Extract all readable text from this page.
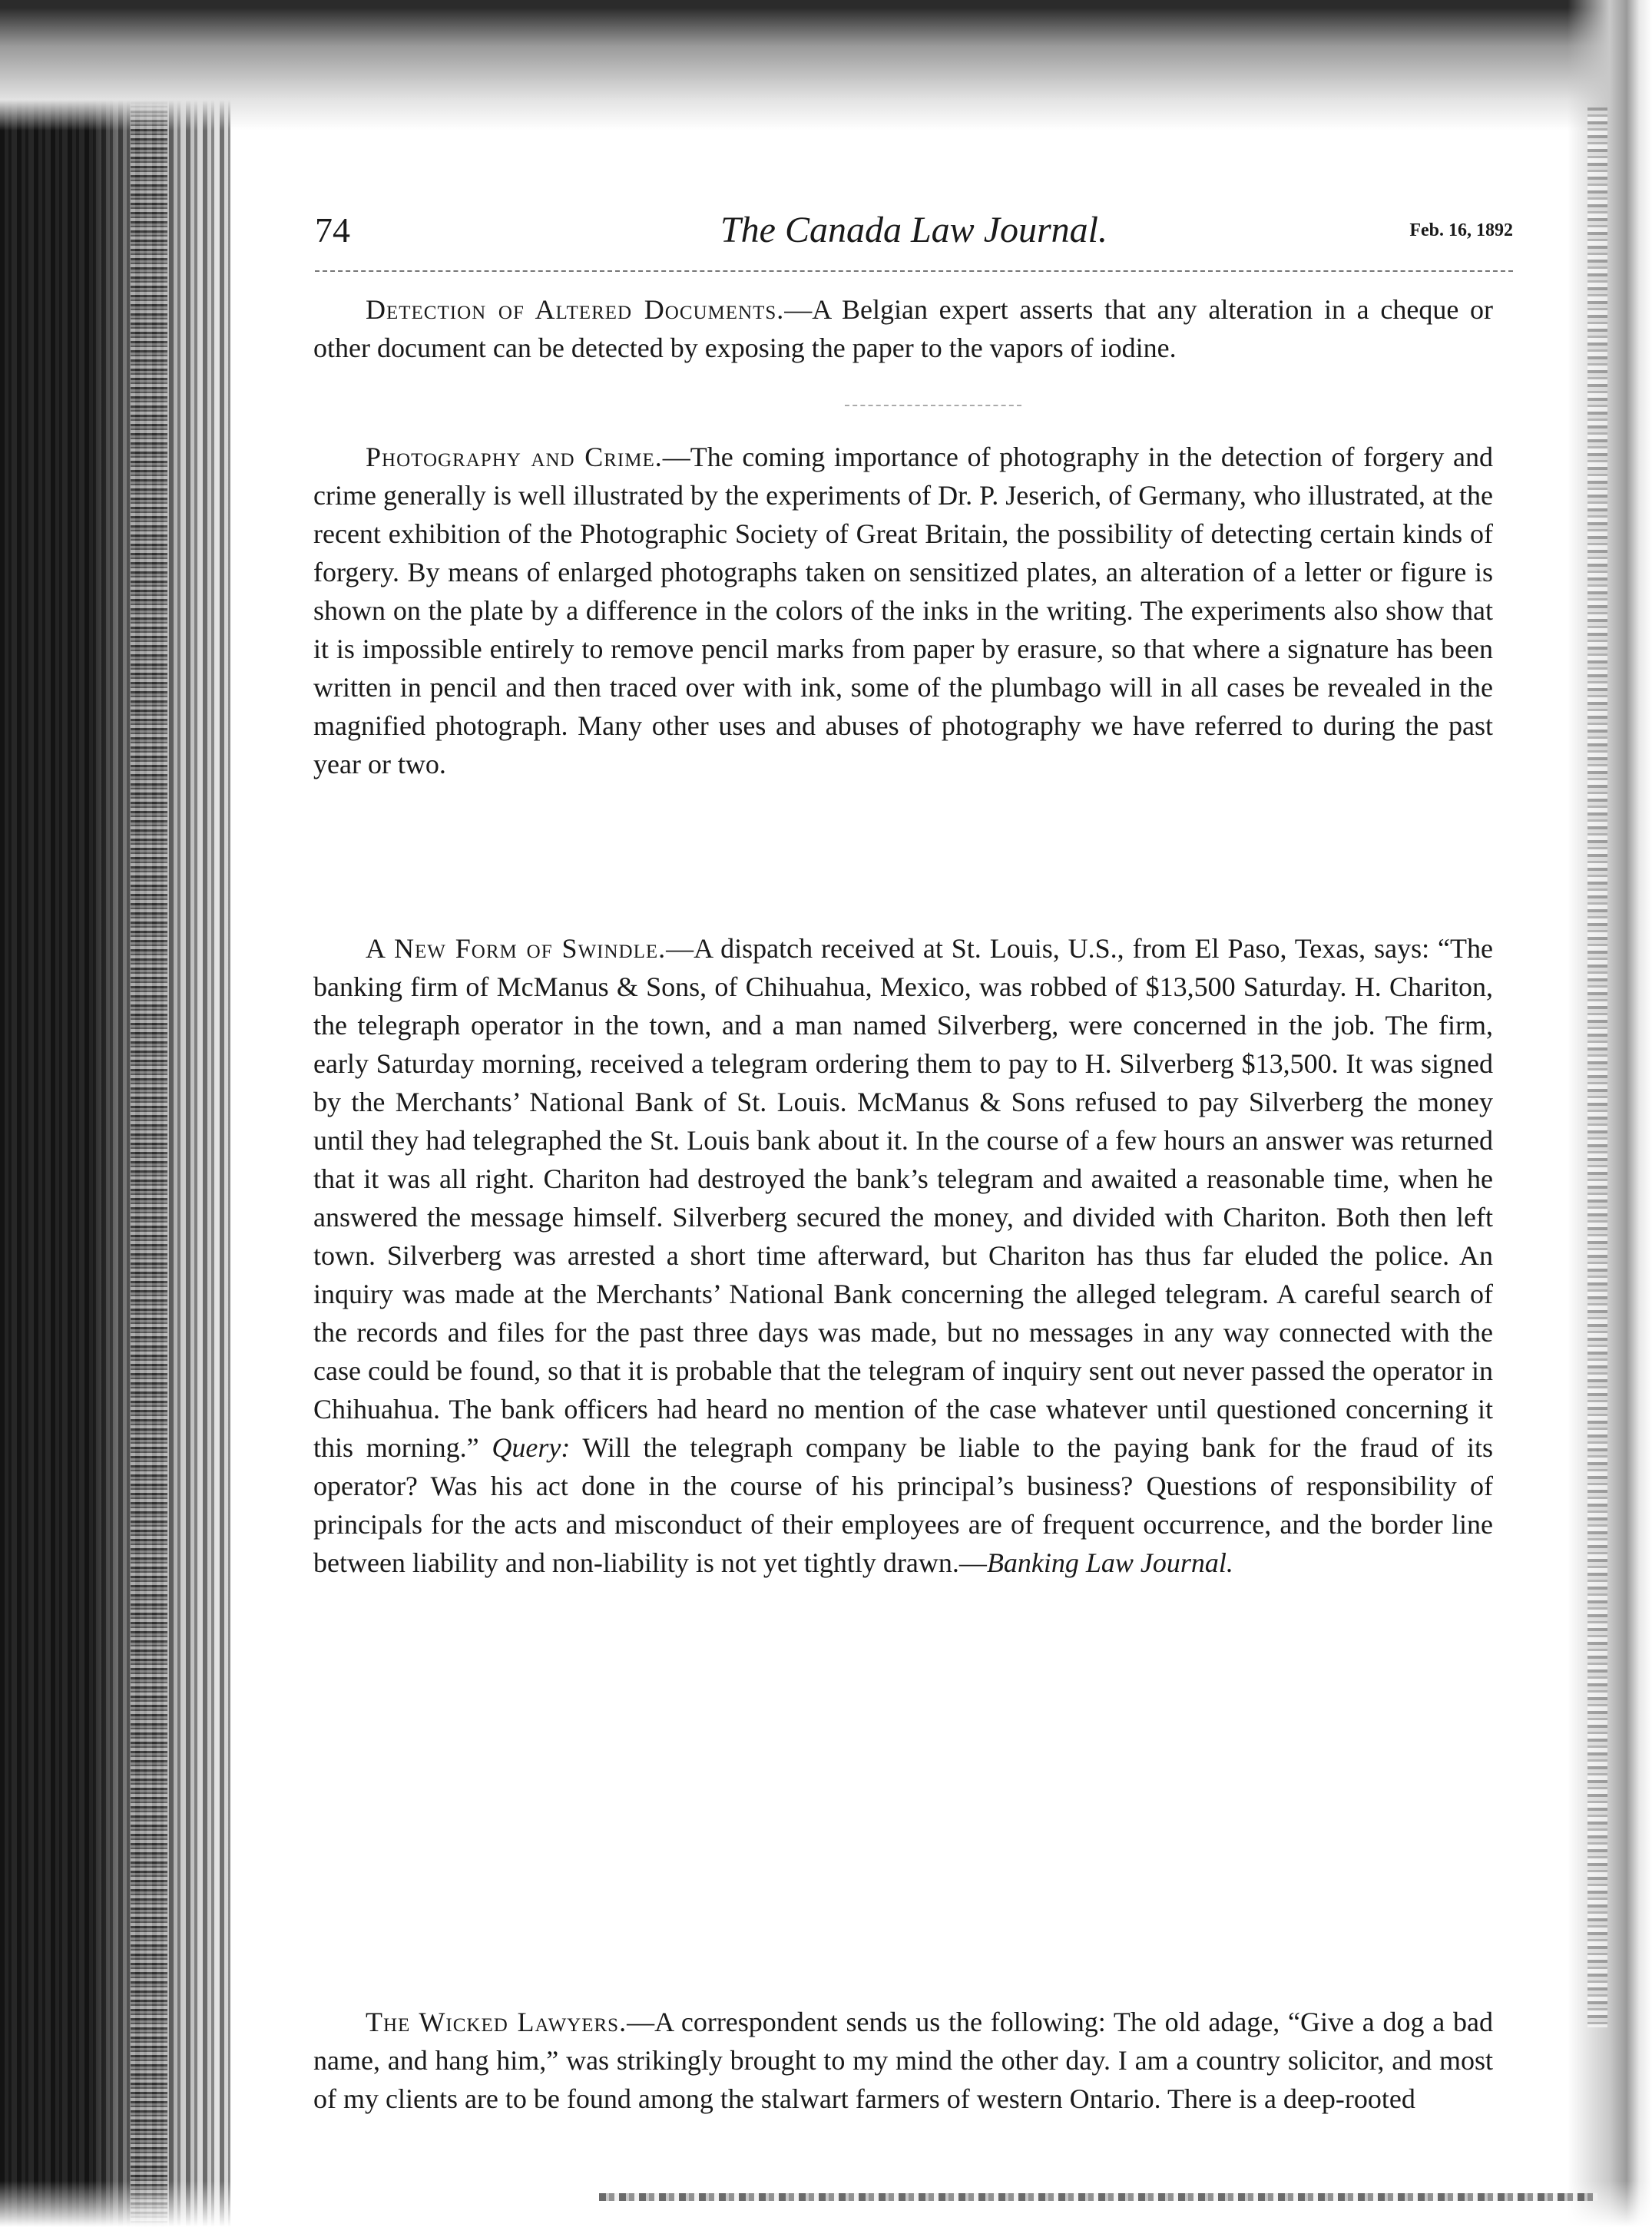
74	The Canada Law Journal.	Feb. 16, 1892

Detection of Altered Documents.—A Belgian expert asserts that any alteration in a cheque or other document can be detected by exposing the paper to the vapors of iodine.

Photography and Crime.—The coming importance of photography in the detection of forgery and crime generally is well illustrated by the experiments of Dr. P. Jeserich, of Germany, who illustrated, at the recent exhibition of the Photographic Society of Great Britain, the possibility of detecting certain kinds of forgery. By means of enlarged photographs taken on sensitized plates, an alteration of a letter or figure is shown on the plate by a difference in the colors of the inks in the writing. The experiments also show that it is impossible entirely to remove pencil marks from paper by erasure, so that where a signature has been written in pencil and then traced over with ink, some of the plumbago will in all cases be revealed in the magnified photograph. Many other uses and abuses of photography we have referred to during the past year or two.

A New Form of Swindle.—A dispatch received at St. Louis, U.S., from El Paso, Texas, says: “The banking firm of McManus & Sons, of Chihuahua, Mexico, was robbed of $13,500 Saturday. H. Chariton, the telegraph operator in the town, and a man named Silverberg, were concerned in the job. The firm, early Saturday morning, received a telegram ordering them to pay to H. Silverberg $13,500. It was signed by the Merchants’ National Bank of St. Louis. McManus & Sons refused to pay Silverberg the money until they had telegraphed the St. Louis bank about it. In the course of a few hours an answer was returned that it was all right. Chariton had destroyed the bank’s telegram and awaited a reasonable time, when he answered the message himself. Silverberg secured the money, and divided with Chariton. Both then left town. Silverberg was arrested a short time afterward, but Chariton has thus far eluded the police. An inquiry was made at the Merchants’ National Bank concerning the alleged telegram. A careful search of the records and files for the past three days was made, but no messages in any way connected with the case could be found, so that it is probable that the telegram of inquiry sent out never passed the operator in Chihuahua. The bank officers had heard no mention of the case whatever until questioned concerning it this morning.” Query: Will the telegraph company be liable to the paying bank for the fraud of its operator? Was his act done in the course of his principal’s business? Questions of responsibility of principals for the acts and misconduct of their employees are of frequent occurrence, and the border line between liability and non-liability is not yet tightly drawn.—Banking Law Journal.

The Wicked Lawyers.—A correspondent sends us the following: The old adage, “Give a dog a bad name, and hang him,” was strikingly brought to my mind the other day. I am a country solicitor, and most of my clients are to be found among the stalwart farmers of western Ontario. There is a deep-rooted
